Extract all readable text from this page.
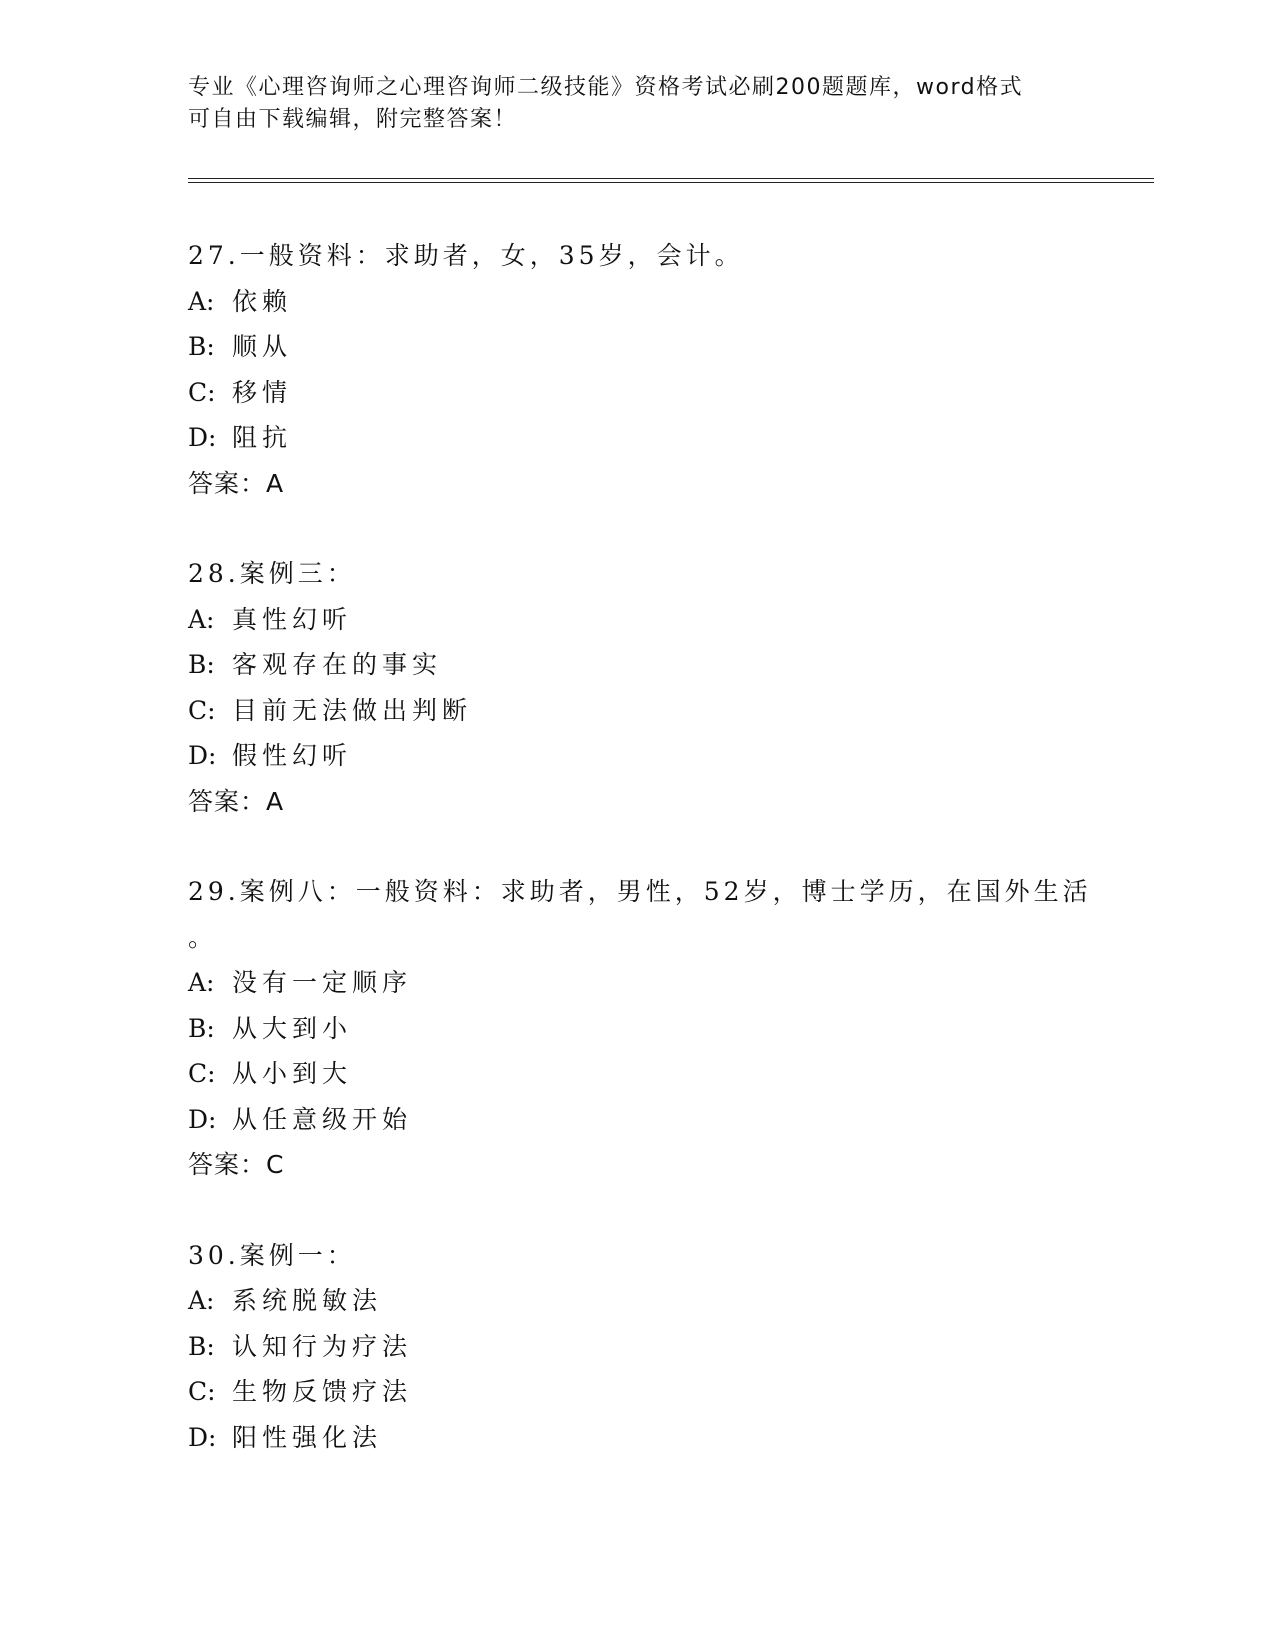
专业《心理咨询师之心理咨询师二级技能》资格考试必刷200题题库，word格式
可自由下载编辑，附完整答案！
27.一般资料：求助者，女，35岁，会计。
A: 依赖
B: 顺从
C: 移情
D: 阻抗
答案：A
28.案例三：
A: 真性幻听
B: 客观存在的事实
C: 目前无法做出判断
D: 假性幻听
答案：A
29.案例八：一般资料：求助者，男性，52岁，博士学历，在国外生活
。
A: 没有一定顺序
B: 从大到小
C: 从小到大
D: 从任意级开始
答案：C
30.案例一：
A: 系统脱敏法
B: 认知行为疗法
C: 生物反馈疗法
D: 阳性强化法
